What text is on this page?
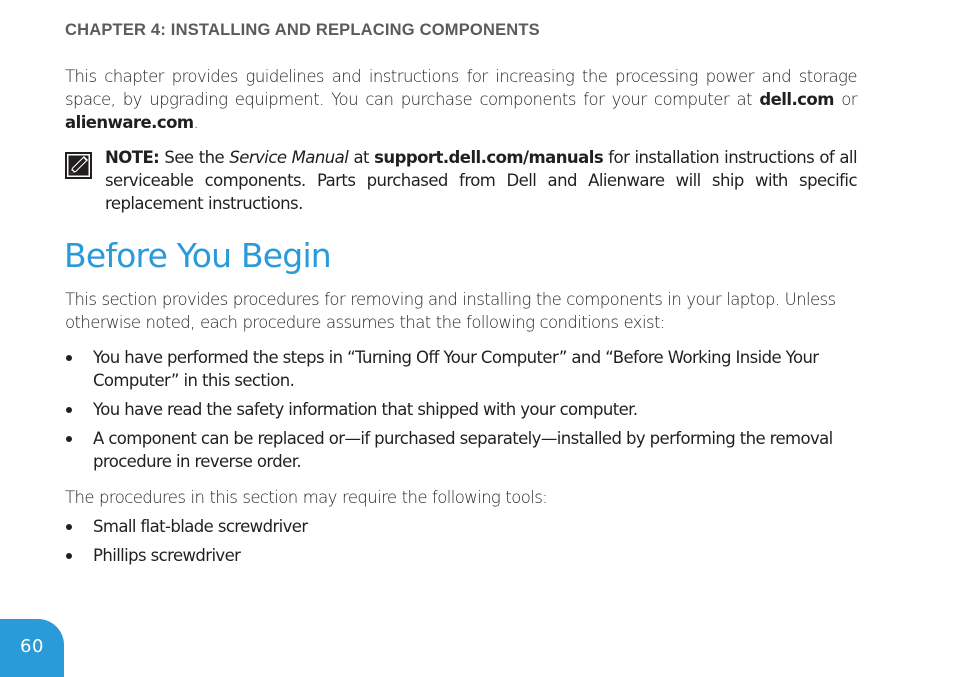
CHAPTER 4: INSTALLING AND REPLACING COMPONENTS
This chapter provides guidelines and instructions for increasing the processing power and storage space, by upgrading equipment. You can purchase components for your computer at dell.com or alienware.com.
NOTE: See the Service Manual at support.dell.com/manuals for installation instructions of all serviceable components. Parts purchased from Dell and Alienware will ship with specific replacement instructions.
Before You Begin
This section provides procedures for removing and installing the components in your laptop. Unless otherwise noted, each procedure assumes that the following conditions exist:
You have performed the steps in “Turning Off Your Computer” and “Before Working Inside Your Computer” in this section.
You have read the safety information that shipped with your computer.
A component can be replaced or—if purchased separately—installed by performing the removal procedure in reverse order.
The procedures in this section may require the following tools:
Small flat-blade screwdriver
Phillips screwdriver
60
